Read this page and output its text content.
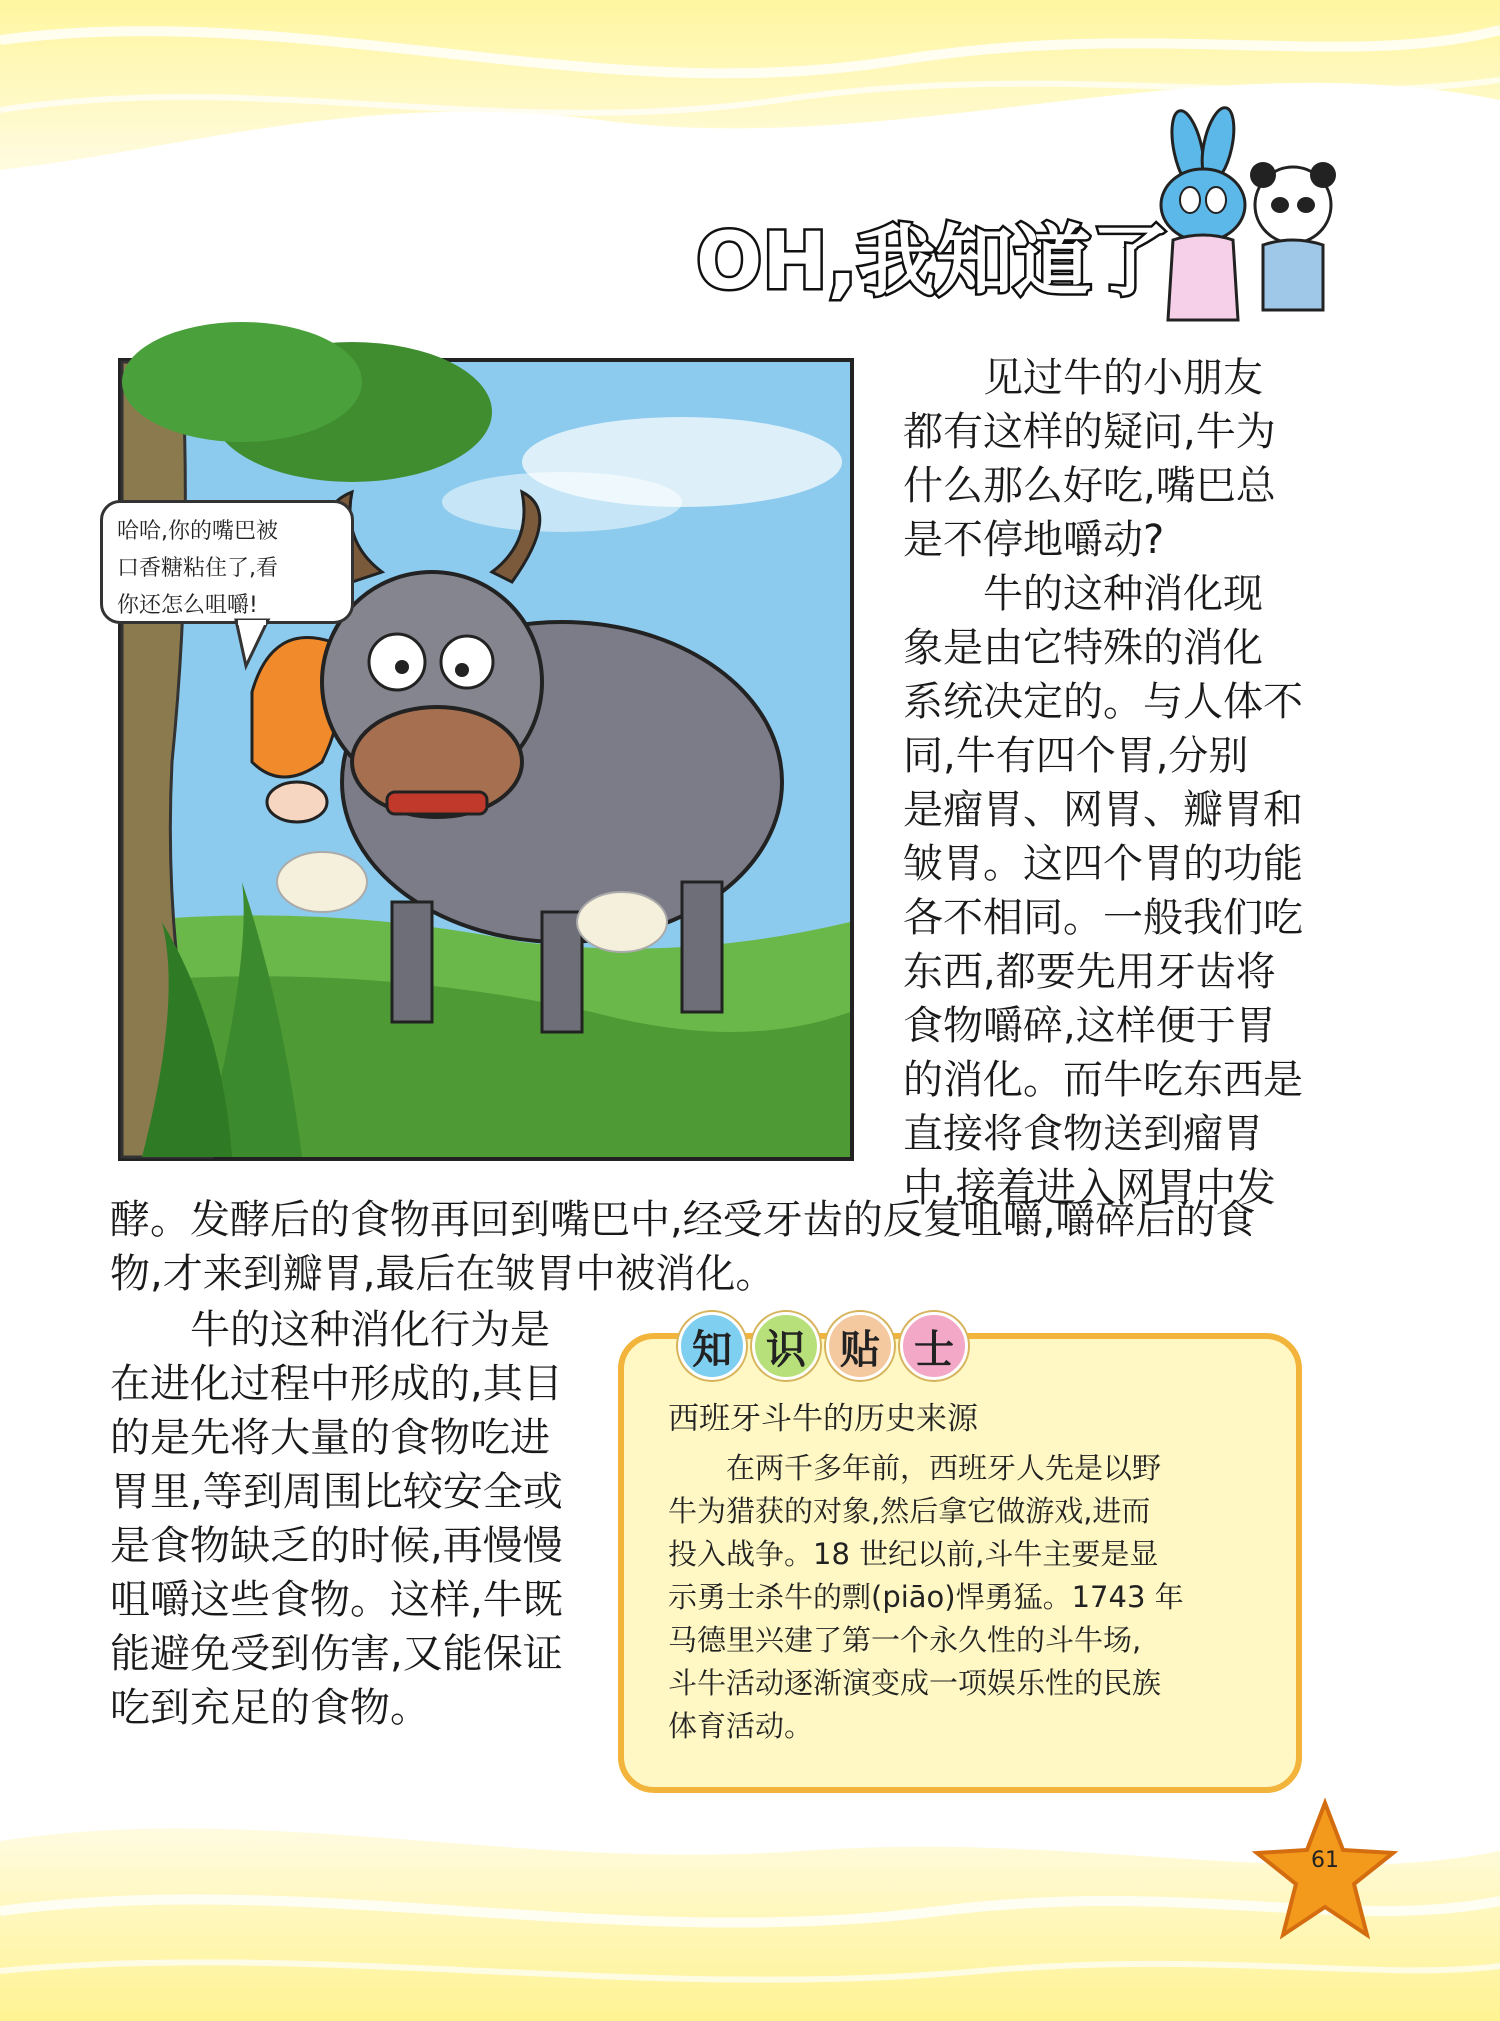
OH,我知道了
哈哈,你的嘴巴被
口香糖粘住了,看
你还怎么咀嚼!
　　见过牛的小朋友
都有这样的疑问,牛为
什么那么好吃,嘴巴总
是不停地嚼动?
　　牛的这种消化现
象是由它特殊的消化
系统决定的。与人体不
同,牛有四个胃,分别
是瘤胃、网胃、瓣胃和
皱胃。这四个胃的功能
各不相同。一般我们吃
东西,都要先用牙齿将
食物嚼碎,这样便于胃
的消化。而牛吃东西是
直接将食物送到瘤胃
中,接着进入网胃中发
酵。发酵后的食物再回到嘴巴中,经受牙齿的反复咀嚼,嚼碎后的食
物,才来到瓣胃,最后在皱胃中被消化。
　　牛的这种消化行为是
在进化过程中形成的,其目
的是先将大量的食物吃进
胃里,等到周围比较安全或
是食物缺乏的时候,再慢慢
咀嚼这些食物。这样,牛既
能避免受到伤害,又能保证
吃到充足的食物。
知 识 贴 士
西班牙斗牛的历史来源
　　在两千多年前，西班牙人先是以野
牛为猎获的对象,然后拿它做游戏,进而
投入战争。18 世纪以前,斗牛主要是显
示勇士杀牛的剽(piāo)悍勇猛。1743 年
马德里兴建了第一个永久性的斗牛场,
斗牛活动逐渐演变成一项娱乐性的民族
体育活动。
61
